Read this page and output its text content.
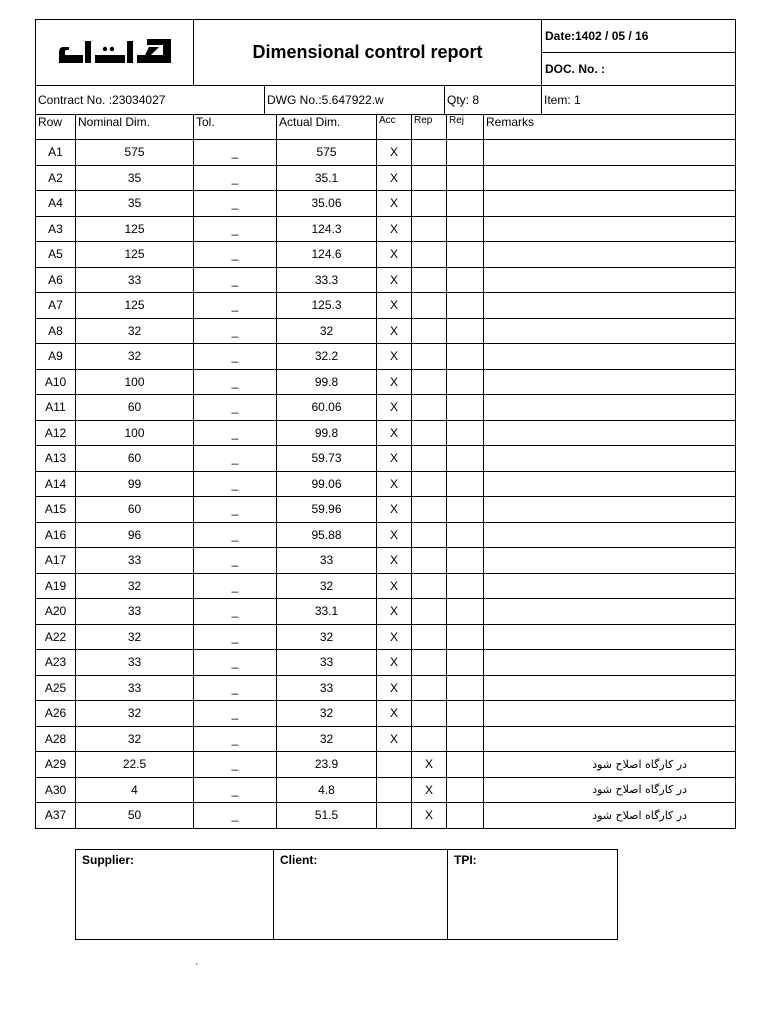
	Dimensional control report	Date:1402 / 05 / 16
DOC. No. :
Contract No. :23034027	DWG No.:5.647922.w	Qty: 8	Item: 1
Row	Nominal Dim.	Tol.	Actual Dim.	Acc	Rep	Rej	Remarks
A1	575	_	575	X			
A2	35	_	35.1	X			
A4	35	_	35.06	X			
A3	125	_	124.3	X			
A5	125	_	124.6	X			
A6	33	_	33.3	X			
A7	125	_	125.3	X			
A8	32	_	32	X			
A9	32	_	32.2	X			
A10	100	_	99.8	X			
A11	60	_	60.06	X			
A12	100	_	99.8	X			
A13	60	_	59.73	X			
A14	99	_	99.06	X			
A15	60	_	59.96	X			
A16	96	_	95.88	X			
A17	33	_	33	X			
A19	32	_	32	X			
A20	33	_	33.1	X			
A22	32	_	32	X			
A23	33	_	33	X			
A25	33	_	33	X			
A26	32	_	32	X			
A28	32	_	32	X			
A29	22.5	_	23.9		X		در کارگاه اصلاح شود
A30	4	_	4.8		X		در کارگاه اصلاح شود
A37	50	_	51.5		X		در کارگاه اصلاح شود
Supplier:	Client:	TPI:
`
